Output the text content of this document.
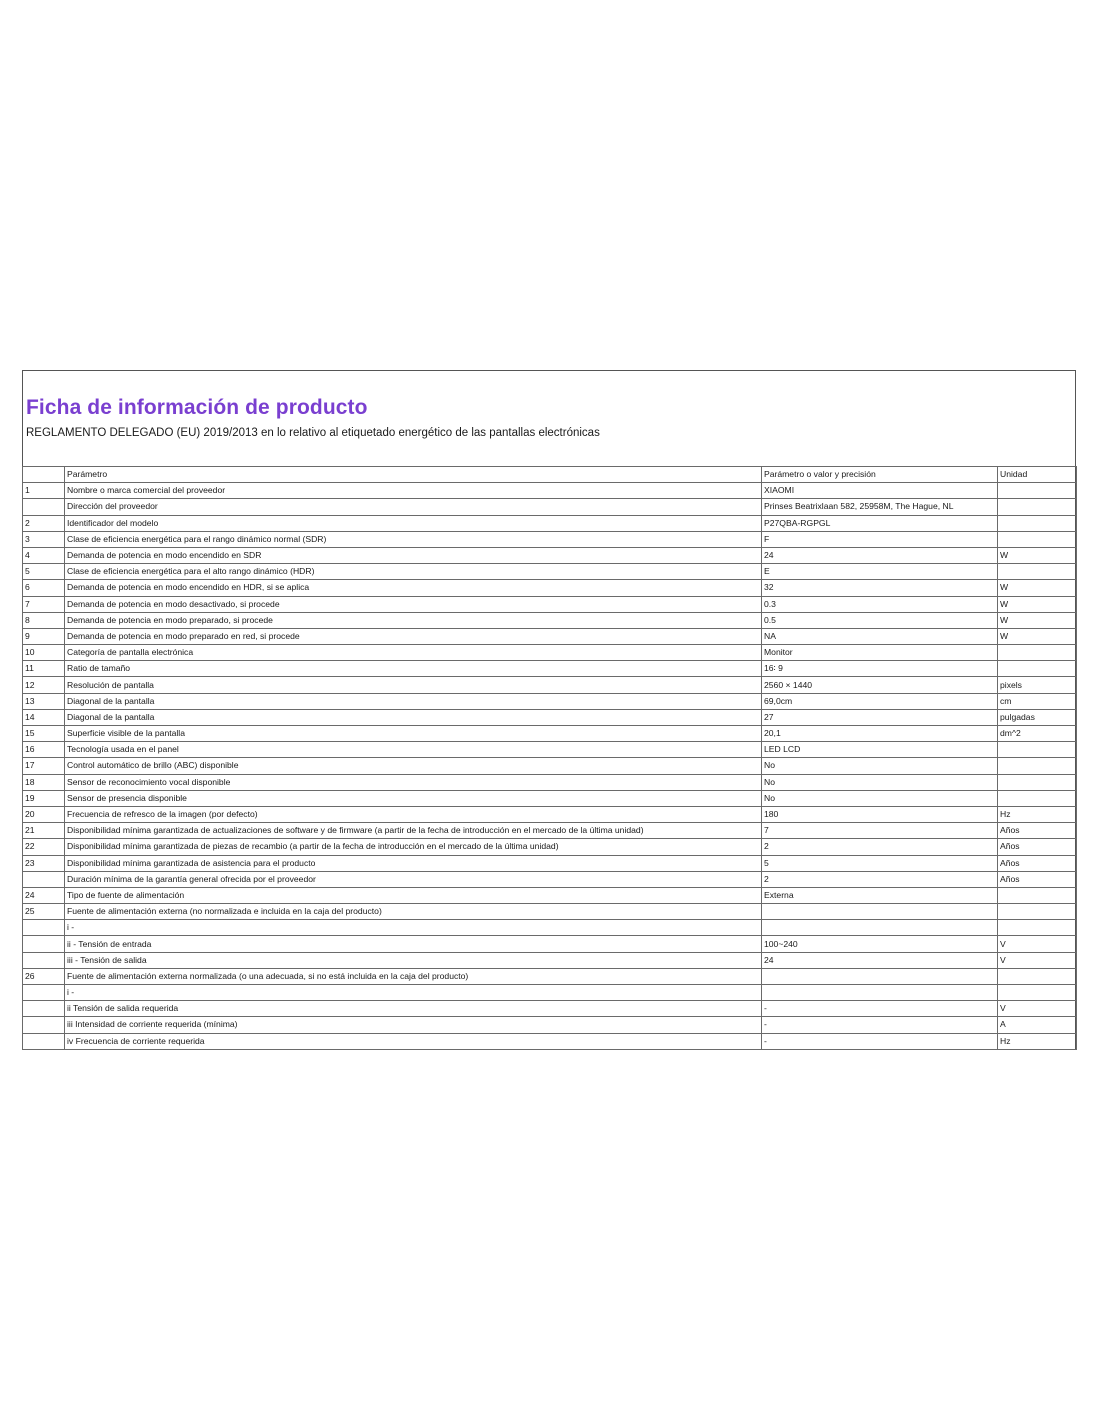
Ficha de información de producto
REGLAMENTO DELEGADO (EU) 2019/2013 en lo relativo al etiquetado energético de las pantallas electrónicas
	Parámetro	Parámetro o valor y precisión	Unidad
1	Nombre o marca comercial del proveedor	XIAOMI	
	Dirección del proveedor	Prinses Beatrixlaan 582, 25958M, The Hague, NL	
2	Identificador del modelo	P27QBA-RGPGL	
3	Clase de eficiencia energética para el rango dinámico normal (SDR)	F	
4	Demanda de potencia en modo encendido en SDR	24	W
5	Clase de eficiencia energética para el alto rango dinámico (HDR)	E	
6	Demanda de potencia en modo encendido en HDR, si se aplica	32	W
7	Demanda de potencia en modo desactivado, si procede	0.3	W
8	Demanda de potencia en modo preparado, si procede	0.5	W
9	Demanda de potencia en modo preparado en red, si procede	NA	W
10	Categoría de pantalla electrónica	Monitor	
11	Ratio de tamaño	16∶ 9	
12	Resolución de pantalla	2560 × 1440	pixels
13	Diagonal de la pantalla	69,0cm	cm
14	Diagonal de la pantalla	27	pulgadas
15	Superficie visible de la pantalla	20,1	dm^2
16	Tecnología usada en el panel	LED LCD	
17	Control automático de brillo (ABC) disponible	No	
18	Sensor de reconocimiento vocal disponible	No	
19	Sensor de presencia disponible	No	
20	Frecuencia de refresco de la imagen (por defecto)	180	Hz
21	Disponibilidad mínima garantizada de actualizaciones de software y de firmware (a partir de la fecha de introducción en el mercado de la última unidad)	7	Años
22	Disponibilidad mínima garantizada de piezas de recambio (a partir de la fecha de introducción en el mercado de la última unidad)	2	Años
23	Disponibilidad mínima garantizada de asistencia para el producto	5	Años
	Duración mínima de la garantía general ofrecida por el proveedor	2	Años
24	Tipo de fuente de alimentación	Externa	
25	Fuente de alimentación externa (no normalizada e incluida en la caja del producto)		
	i -		
	ii - Tensión de entrada	100~240	V
	iii - Tensión de salida	24	V
26	Fuente de alimentación externa normalizada (o una adecuada, si no está incluida en la caja del producto)		
	i -		
	ii Tensión de salida requerida	-	V
	iii Intensidad de corriente requerida (mínima)	-	A
	iv Frecuencia de corriente requerida	-	Hz
